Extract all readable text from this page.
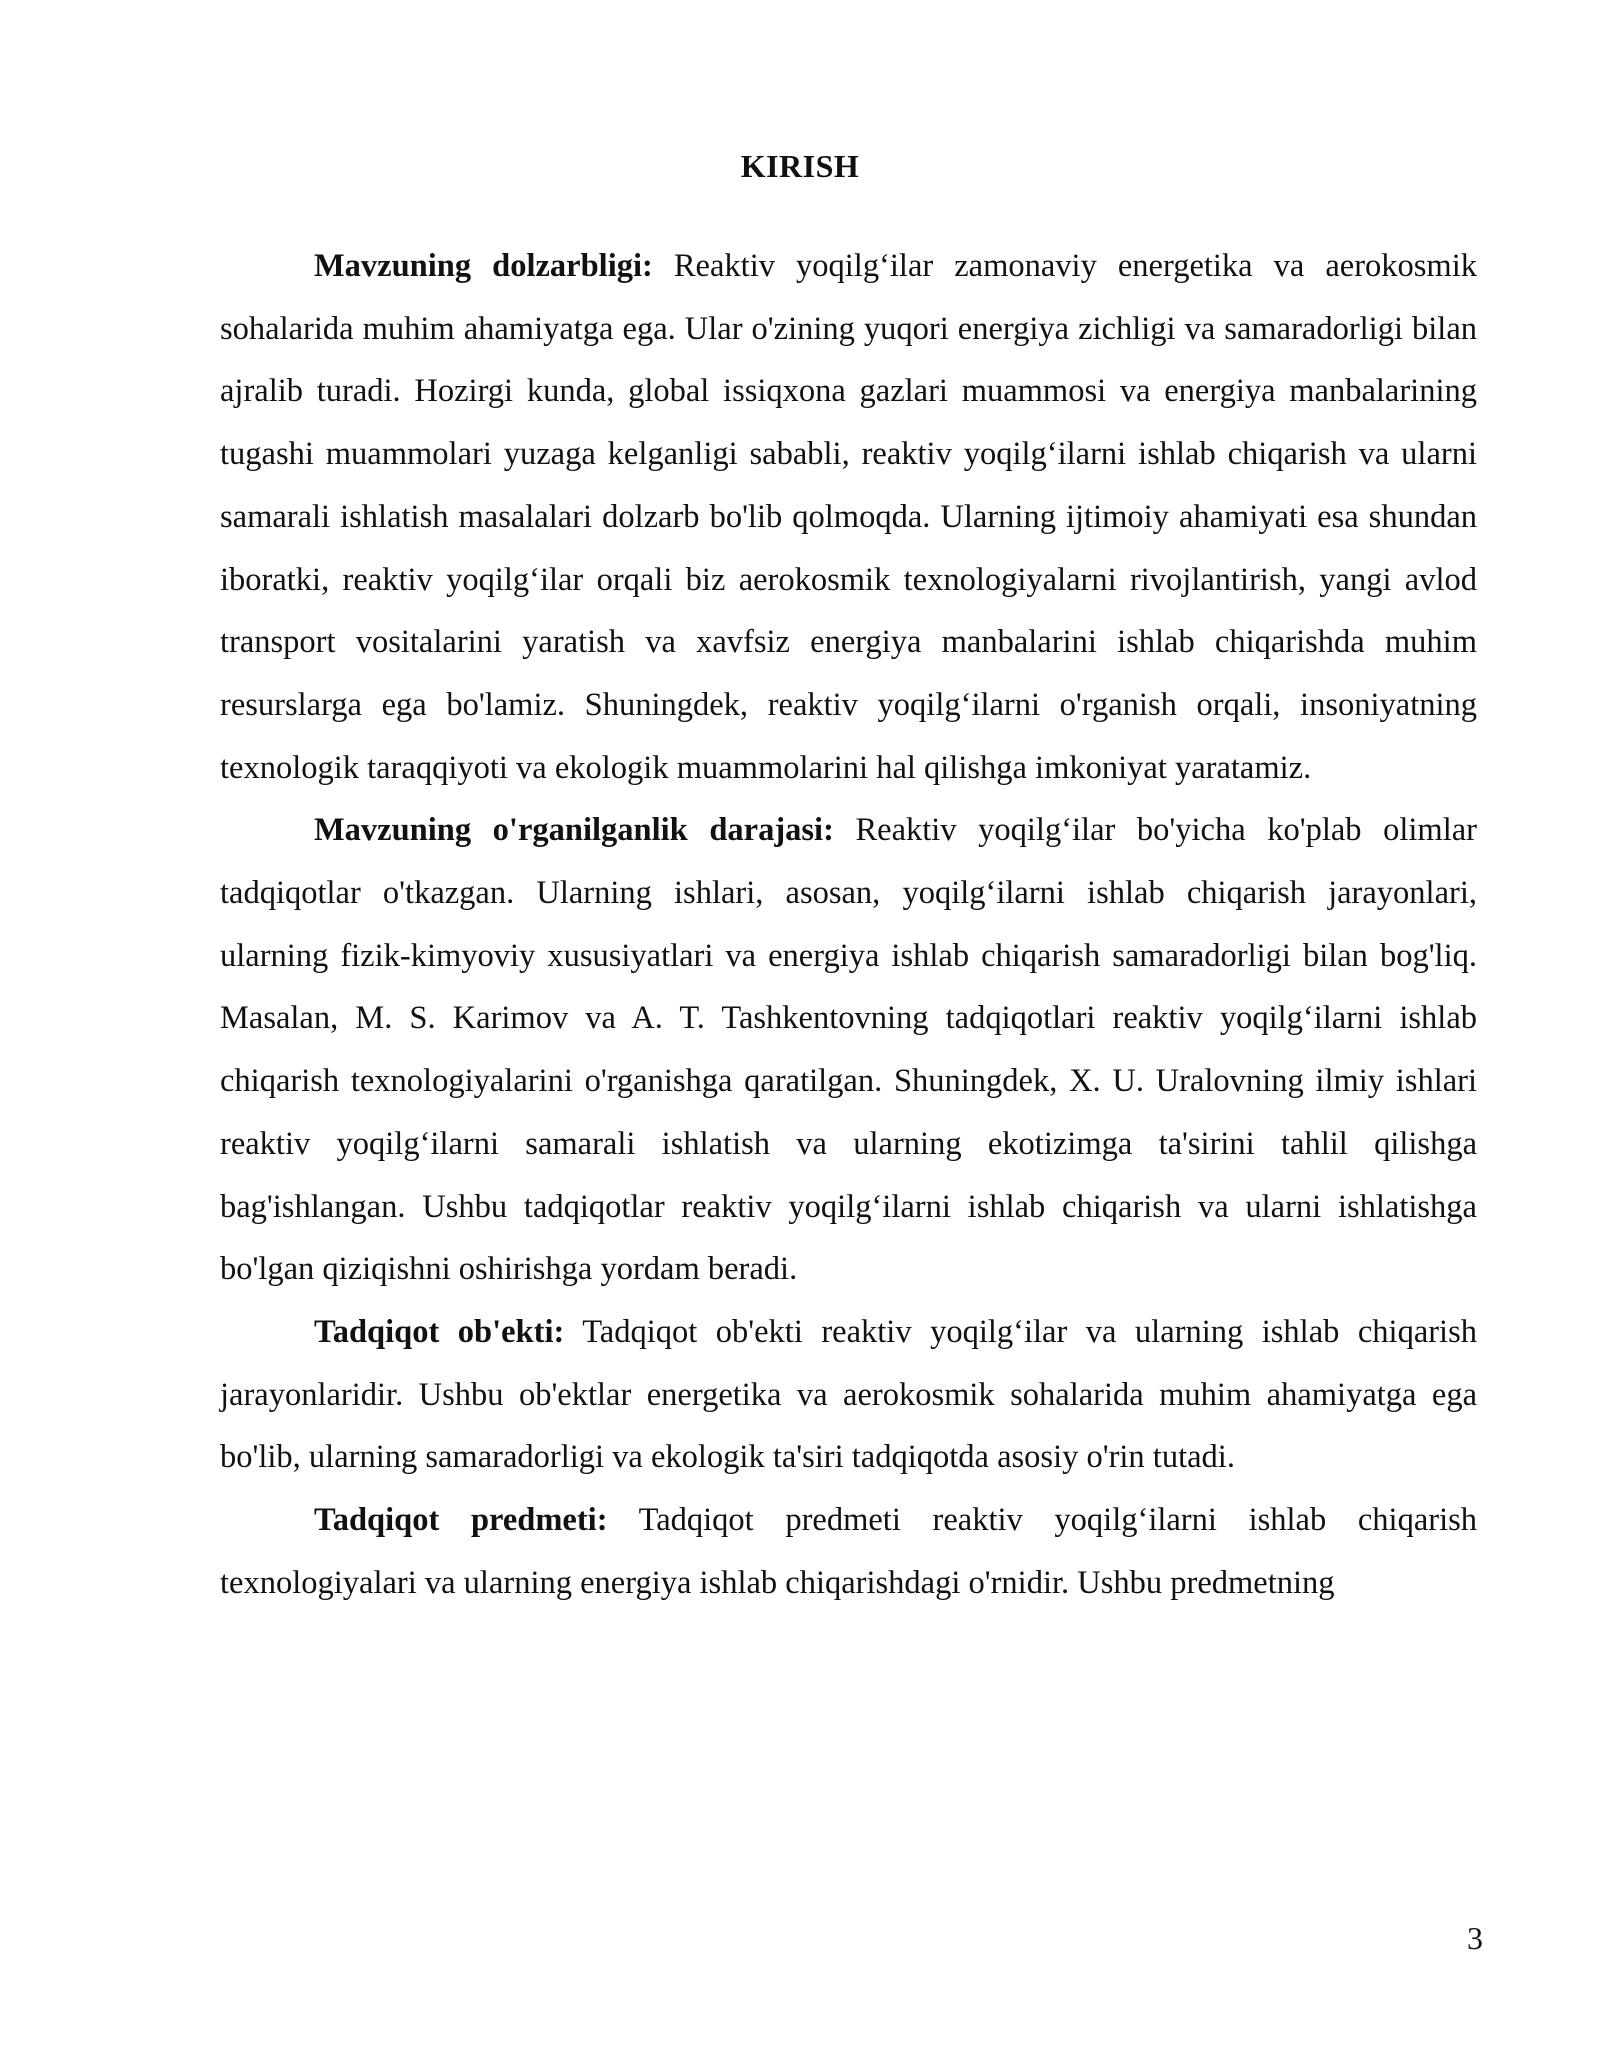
KIRISH

Mavzuning dolzarbligi: Reaktiv yoqilg‘ilar zamonaviy energetika va aerokosmik sohalarida muhim ahamiyatga ega. Ular o'zining yuqori energiya zichligi va samaradorligi bilan ajralib turadi. Hozirgi kunda, global issiqxona gazlari muammosi va energiya manbalarining tugashi muammolari yuzaga kelganligi sababli, reaktiv yoqilg‘ilarni ishlab chiqarish va ularni samarali ishlatish masalalari dolzarb bo'lib qolmoqda. Ularning ijtimoiy ahamiyati esa shundan iboratki, reaktiv yoqilg‘ilar orqali biz aerokosmik texnologiyalarni rivojlantirish, yangi avlod transport vositalarini yaratish va xavfsiz energiya manbalarini ishlab chiqarishda muhim resurslarga ega bo'lamiz. Shuningdek, reaktiv yoqilg‘ilarni o'rganish orqali, insoniyatning texnologik taraqqiyoti va ekologik muammolarini hal qilishga imkoniyat yaratamiz.

Mavzuning o'rganilganlik darajasi: Reaktiv yoqilg‘ilar bo'yicha ko'plab olimlar tadqiqotlar o'tkazgan. Ularning ishlari, asosan, yoqilg‘ilarni ishlab chiqarish jarayonlari, ularning fizik-kimyoviy xususiyatlari va energiya ishlab chiqarish samaradorligi bilan bog'liq. Masalan, M. S. Karimov va A. T. Tashkentovning tadqiqotlari reaktiv yoqilg‘ilarni ishlab chiqarish texnologiyalarini o'rganishga qaratilgan. Shuningdek, X. U. Uralovning ilmiy ishlari reaktiv yoqilg‘ilarni samarali ishlatish va ularning ekotizimga ta'sirini tahlil qilishga bag'ishlangan. Ushbu tadqiqotlar reaktiv yoqilg‘ilarni ishlab chiqarish va ularni ishlatishga bo'lgan qiziqishni oshirishga yordam beradi.

Tadqiqot ob'ekti: Tadqiqot ob'ekti reaktiv yoqilg‘ilar va ularning ishlab chiqarish jarayonlaridir. Ushbu ob'ektlar energetika va aerokosmik sohalarida muhim ahamiyatga ega bo'lib, ularning samaradorligi va ekologik ta'siri tadqiqotda asosiy o'rin tutadi.

Tadqiqot predmeti: Tadqiqot predmeti reaktiv yoqilg‘ilarni ishlab chiqarish texnologiyalari va ularning energiya ishlab chiqarishdagi o'rnidir. Ushbu predmetning

3
